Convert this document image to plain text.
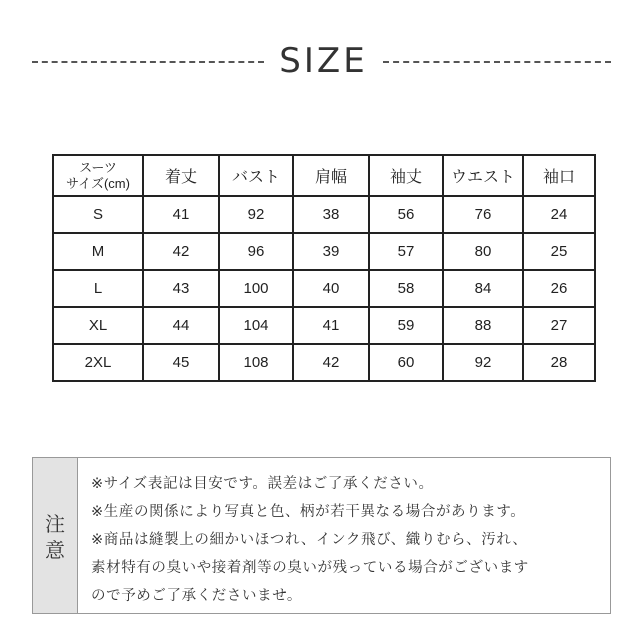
SIZE
スーツ
サイズ(cm)	着丈	バスト	肩幅	袖丈	ウエスト	袖口
S	41	92	38	56	76	24
M	42	96	39	57	80	25
L	43	100	40	58	84	26
XL	44	104	41	59	88	27
2XL	45	108	42	60	92	28
注
意
※サイズ表記は目安です。誤差はご了承ください。
※生産の関係により写真と色、柄が若干異なる場合があります。
※商品は縫製上の細かいほつれ、インク飛び、織りむら、汚れ、
素材特有の臭いや接着剤等の臭いが残っている場合がございます
ので予めご了承くださいませ。
